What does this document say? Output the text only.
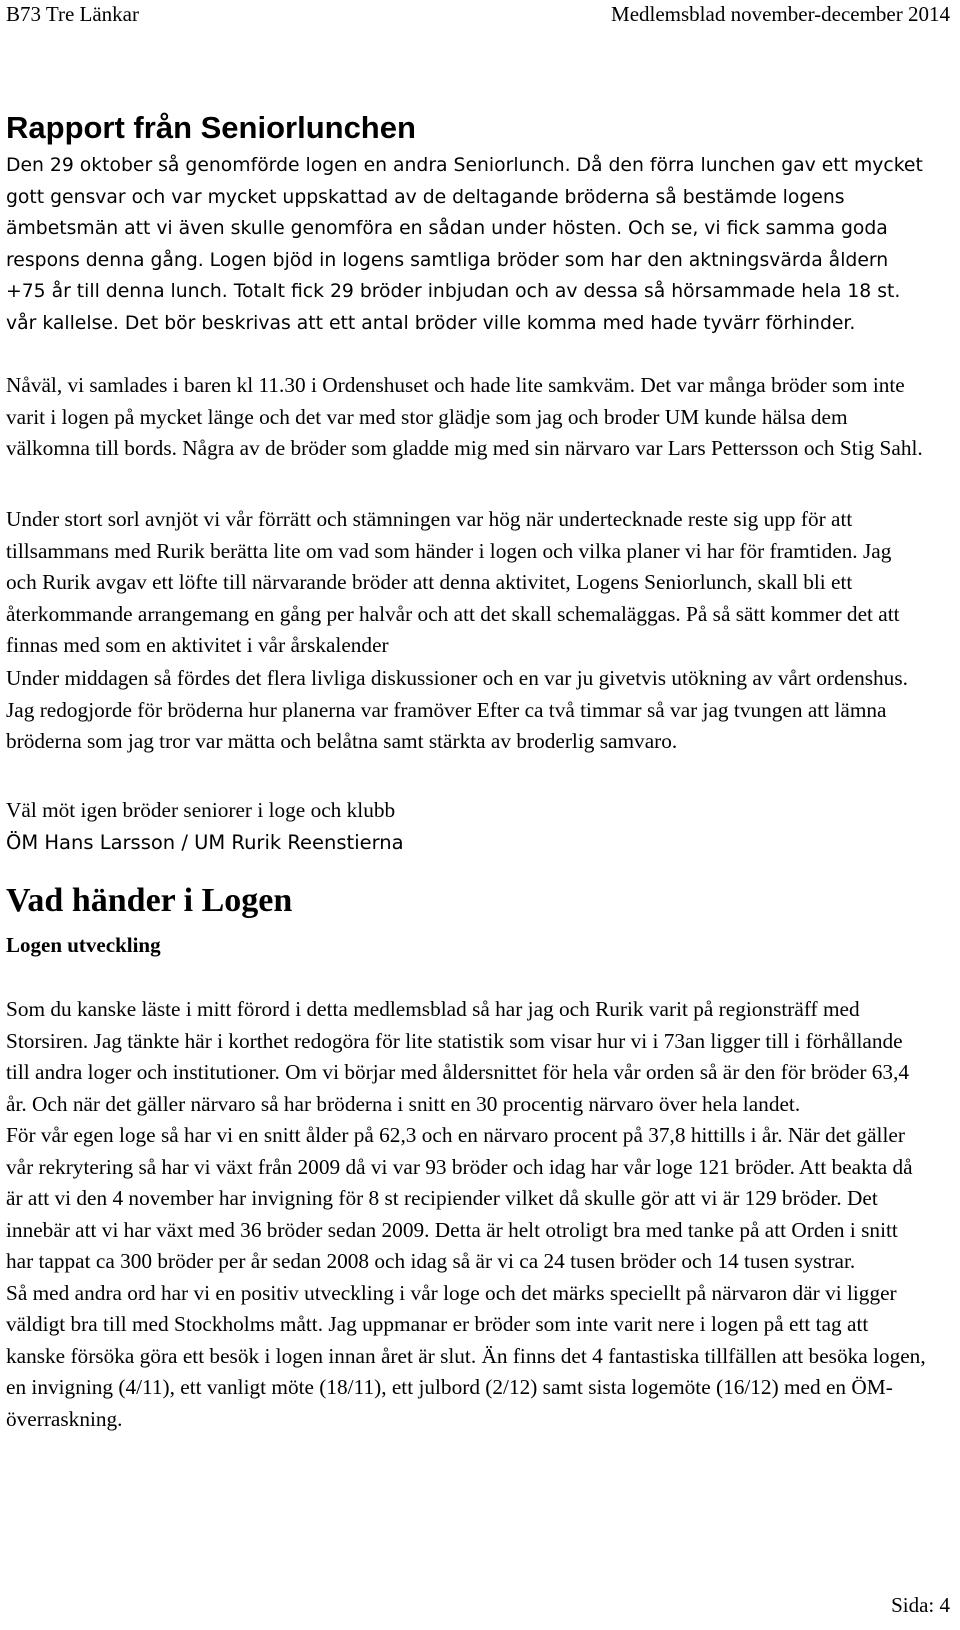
B73 Tre Länkar	Medlemsblad november-december 2014
Rapport från Seniorlunchen

Den 29 oktober så genomförde logen en andra Seniorlunch. Då den förra lunchen gav ett mycket gott gensvar och var mycket uppskattad av de deltagande bröderna så bestämde logens ämbetsmän att vi även skulle genomföra en sådan under hösten. Och se, vi fick samma goda respons denna gång. Logen bjöd in logens samtliga bröder som har den aktningsvärda åldern +75 år till denna lunch. Totalt fick 29 bröder inbjudan och av dessa så hörsammade hela 18 st. vår kallelse. Det bör beskrivas att ett antal bröder ville komma med hade tyvärr förhinder.

Nåväl, vi samlades i baren kl 11.30 i Ordenshuset och hade lite samkväm. Det var många bröder som inte varit i logen på mycket länge och det var med stor glädje som jag och broder UM kunde hälsa dem välkomna till bords. Några av de bröder som gladde mig med sin närvaro var Lars Pettersson och Stig Sahl.

Under stort sorl avnjöt vi vår förrätt och stämningen var hög när undertecknade reste sig upp för att tillsammans med Rurik berätta lite om vad som händer i logen och vilka planer vi har för framtiden. Jag och Rurik avgav ett löfte till närvarande bröder att denna aktivitet, Logens Seniorlunch, skall bli ett återkommande arrangemang en gång per halvår och att det skall schemaläggas. På så sätt kommer det att finnas med som en aktivitet i vår årskalender

Under middagen så fördes det flera livliga diskussioner och en var ju givetvis utökning av vårt ordenshus. Jag redogjorde för bröderna hur planerna var framöver Efter ca två timmar så var jag tvungen att lämna bröderna som jag tror var mätta och belåtna samt stärkta av broderlig samvaro.

Väl möt igen bröder seniorer i loge och klubb

ÖM Hans Larsson / UM Rurik Reenstierna

Vad händer i Logen
Logen utveckling

Som du kanske läste i mitt förord i detta medlemsblad så har jag och Rurik varit på regionsträff med Storsiren. Jag tänkte här i korthet redogöra för lite statistik som visar hur vi i 73an ligger till i förhållande till andra loger och institutioner. Om vi börjar med åldersnittet för hela vår orden så är den för bröder 63,4 år. Och när det gäller närvaro så har bröderna i snitt en 30 procentig närvaro över hela landet.

För vår egen loge så har vi en snitt ålder på 62,3 och en närvaro procent på 37,8 hittills i år. När det gäller vår rekrytering så har vi växt från 2009 då vi var 93 bröder och idag har vår loge 121 bröder. Att beakta då är att vi den 4 november har invigning för 8 st recipiender vilket då skulle gör att vi är 129 bröder. Det innebär att vi har växt med 36 bröder sedan 2009. Detta är helt otroligt bra med tanke på att Orden i snitt har tappat ca 300 bröder per år sedan 2008 och idag så är vi ca 24 tusen bröder och 14 tusen systrar.

Så med andra ord har vi en positiv utveckling i vår loge och det märks speciellt på närvaron där vi ligger väldigt bra till med Stockholms mått. Jag uppmanar er bröder som inte varit nere i logen på ett tag att kanske försöka göra ett besök i logen innan året är slut. Än finns det 4 fantastiska tillfällen att besöka logen, en invigning (4/11), ett vanligt möte (18/11), ett julbord (2/12) samt sista logemöte (16/12) med en ÖM-överraskning.

Sida: 4
